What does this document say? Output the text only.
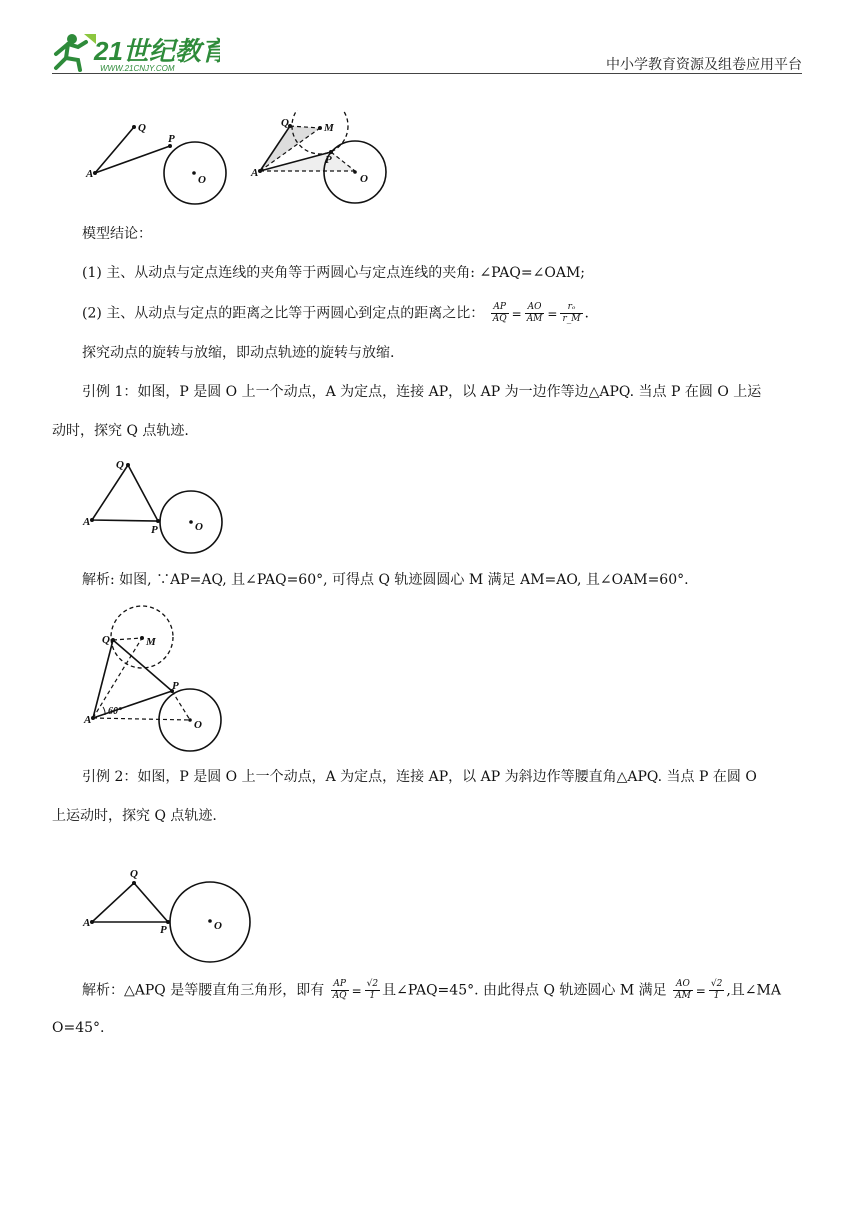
21世纪教育
WWW.21CNJY.COM	中小学教育资源及组卷应用平台
A
Q
P
O
A
Q	M
P
O
模型结论：
(1) 主、从动点与定点连线的夹角等于两圆心与定点连线的夹角: ∠PAQ=∠OAM;
(2) 主、从动点与定点的距离之比等于两圆心到定点的距离之比： $\frac{AP}{AQ} = \frac{AO}{AM} = \frac{\text{rₒ}}{r\_M}$ .
探究动点的旋转与放缩，即动点轨迹的旋转与放缩.
引例 1：如图，P 是圆 O 上一个动点，A 为定点，连接 AP，以 AP 为一边作等边△APQ. 当点 P 在圆 O 上运
动时，探究 Q 点轨迹.
A
Q
P	O
解析: 如图, ∵AP=AQ, 且∠PAQ=60°, 可得点 Q 轨迹圆圆心 M 满足 AM=AO, 且∠OAM=60°.
A
Q	M
P
O
60°
引例 2：如图，P 是圆 O 上一个动点，A 为定点，连接 AP，以 AP 为斜边作等腰直角△APQ. 当点 P 在圆 O
上运动时，探究 Q 点轨迹.
A
Q
P	O
解析：△APQ 是等腰直角三角形，即有 $\frac{AP}{AQ} = \frac{√2}{1}$ 且∠PAQ=45°. 由此得点 Q 轨迹圆心 M 满足 $\frac{AO}{AM} = \frac{√2}{1}$ ,且∠MA
O=45°.
